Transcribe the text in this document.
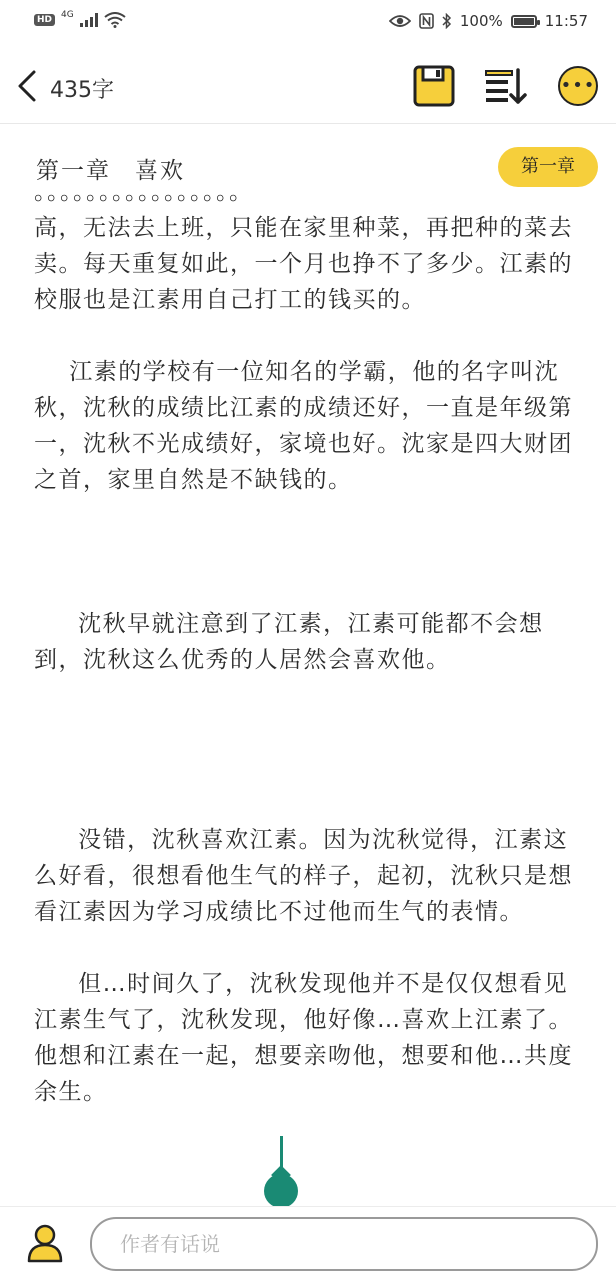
HD	4G	100%	11:57
435字	•••
第一章 喜欢	第一章
。。。。。。。。。。。。。。。。

高，无法去上班，只能在家里种菜，再把种的菜去卖。每天重复如此，一个月也挣不了多少。江素的校服也是江素用自己打工的钱买的。

江素的学校有一位知名的学霸，他的名字叫沈秋，沈秋的成绩比江素的成绩还好，一直是年级第一，沈秋不光成绩好，家境也好。沈家是四大财团之首，家里自然是不缺钱的。

沈秋早就注意到了江素，江素可能都不会想到，沈秋这么优秀的人居然会喜欢他。

没错，沈秋喜欢江素。因为沈秋觉得，江素这么好看，很想看他生气的样子，起初，沈秋只是想看江素因为学习成绩比不过他而生气的表情。

但…时间久了，沈秋发现他并不是仅仅想看见江素生气了，沈秋发现，他好像…喜欢上江素了。他想和江素在一起，想要亲吻他，想要和他…共度余生。

作者有话说
